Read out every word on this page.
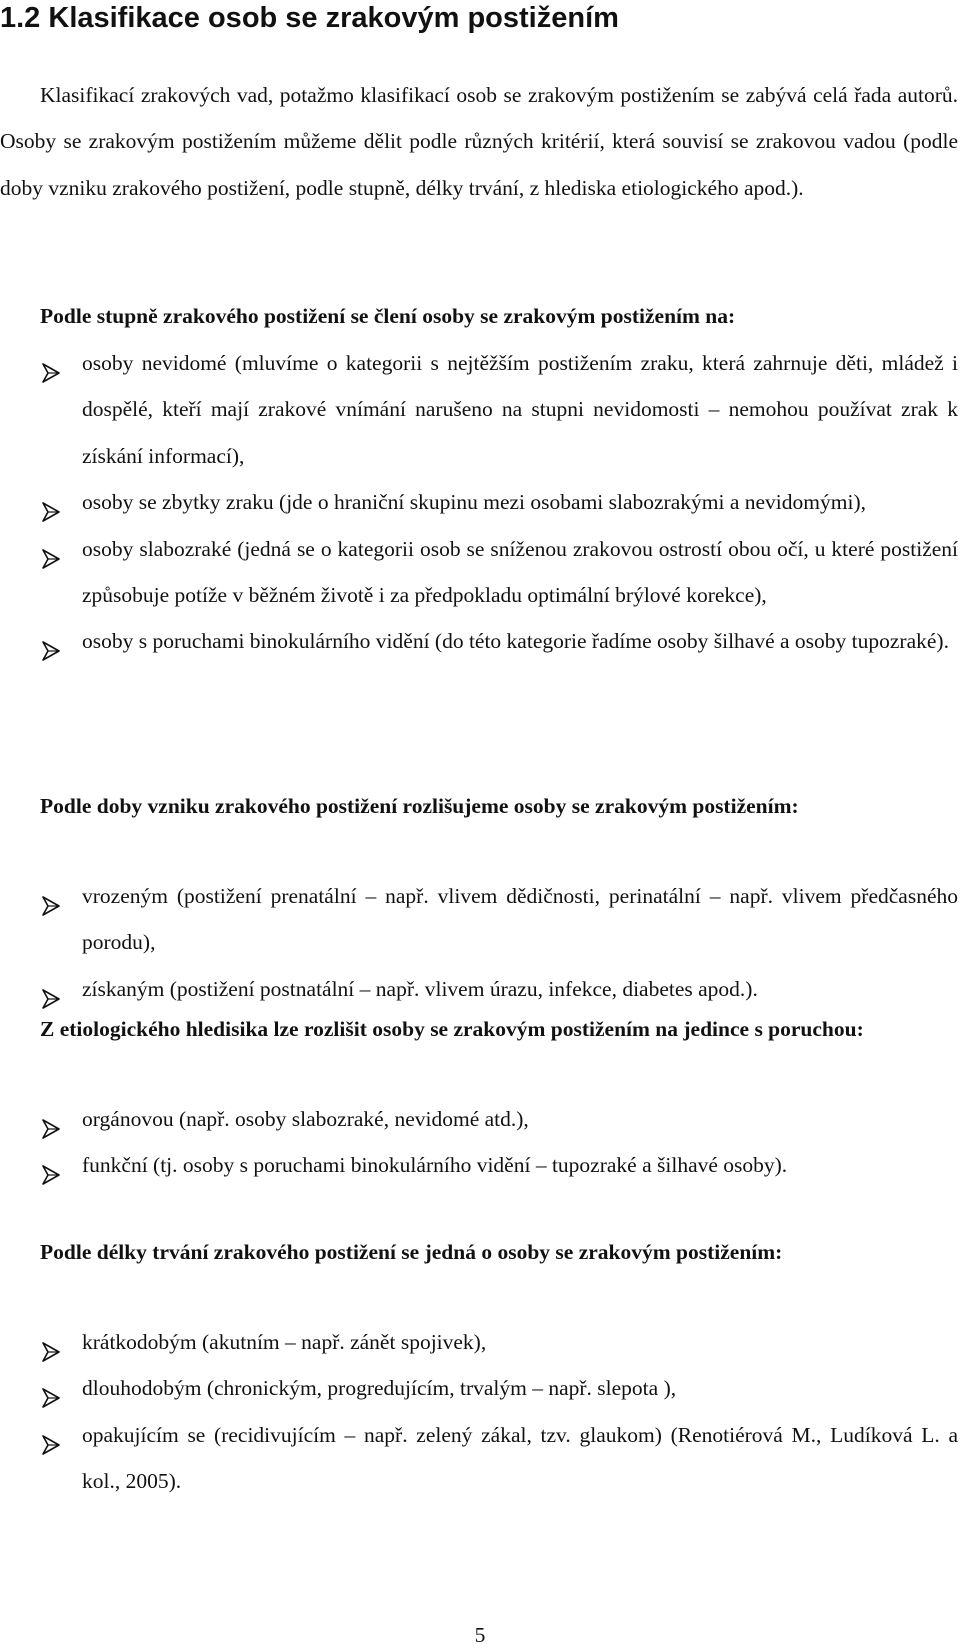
1.2 Klasifikace osob se zrakovým postižením

Klasifikací zrakových vad, potažmo klasifikací osob se zrakovým postižením se zabývá celá řada autorů. Osoby se zrakovým postižením můžeme dělit podle různých kritérií, která souvisí se zrakovou vadou (podle doby vzniku zrakového postižení, podle stupně, délky trvání, z hlediska etiologického apod.).

Podle stupně zrakového postižení se člení osoby se zrakovým postižením na:

osoby nevidomé (mluvíme o kategorii s nejtěžším postižením zraku, která zahrnuje děti, mládež i dospělé, kteří mají zrakové vnímání narušeno na stupni nevidomosti – nemohou používat zrak k získání informací),
osoby se zbytky zraku (jde o hraniční skupinu mezi osobami slabozrakými a nevidomými),
osoby slabozraké (jedná se o kategorii osob se sníženou zrakovou ostrostí obou očí, u které postižení způsobuje potíže v běžném životě i za předpokladu optimální brýlové korekce),
osoby s poruchami binokulárního vidění (do této kategorie řadíme osoby šilhavé a osoby tupozraké).

Podle doby vzniku zrakového postižení rozlišujeme osoby se zrakovým postižením:

vrozeným (postižení prenatální – např. vlivem dědičnosti, perinatální – např. vlivem předčasného porodu),
získaným (postižení postnatální – např. vlivem úrazu, infekce, diabetes apod.).

Z etiologického hledisika lze rozlišit osoby se zrakovým postižením na jedince s poruchou:

orgánovou (např. osoby slabozraké, nevidomé atd.),
funkční (tj. osoby s poruchami binokulárního vidění – tupozraké a šilhavé osoby).

Podle délky trvání zrakového postižení se jedná o osoby se zrakovým postižením:

krátkodobým (akutním – např. zánět spojivek),
dlouhodobým (chronickým, progredujícím, trvalým – např. slepota ),
opakujícím se (recidivujícím – např. zelený zákal, tzv. glaukom) (Renotiérová M., Ludíková L. a kol., 2005).
5
